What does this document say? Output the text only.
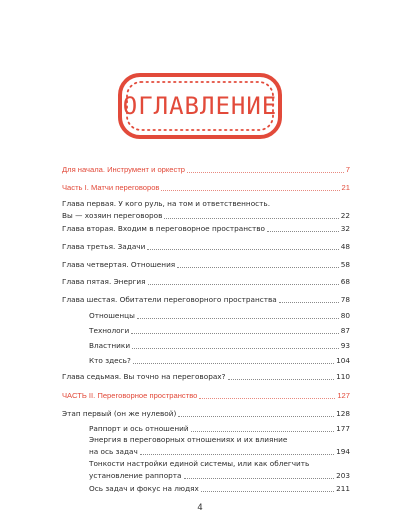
ОГЛАВЛЕНИЕ
Для начала. Инструмент и оркестр	7
Часть I. Матчи переговоров	21
Глава первая. У кого руль, на том и ответственность.
Вы — хозяин переговоров	22
Глава вторая. Входим в переговорное пространство	32
Глава третья. Задачи	48
Глава четвертая. Отношения	58
Глава пятая. Энергия	68
Глава шестая. Обитатели переговорного пространства	78
Отношенцы	80
Технологи	87
Властники	93
Кто здесь?	104
Глава седьмая. Вы точно на переговорах?	110
ЧАСТЬ II. Переговорное пространство	127
Этап первый (он же нулевой)	128
Раппорт и ось отношений	177
Энергия в переговорных отношениях и их влияние
на ось задач	194
Тонкости настройки единой системы, или как облегчить
установление раппорта	203
Ось задач и фокус на людях	211
4
